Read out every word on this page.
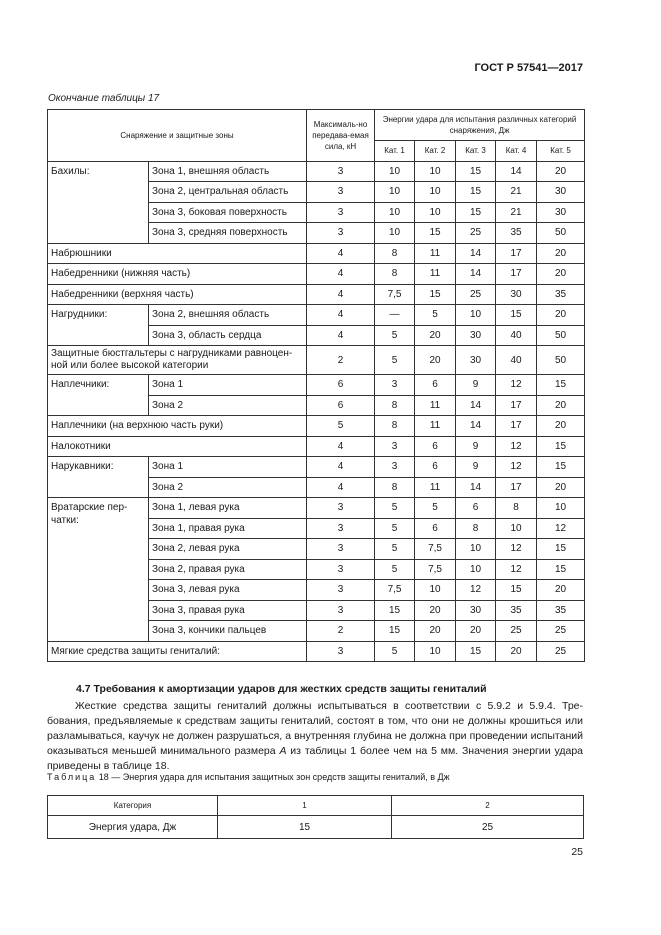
ГОСТ Р 57541—2017
Окончание таблицы 17
Снаряжение и защитные зоны		Максималь-но передава-емая сила, кН	Энергии удара для испытания различных категорий снаряжения, Дж				
			Кат. 1	Кат. 2	Кат. 3	Кат. 4	Кат. 5
Бахилы:	Зона 1, внешняя область	3	10	10	15	14	20
	Зона 2, центральная область	3	10	10	15	21	30
	Зона 3, боковая поверхность	3	10	10	15	21	30
	Зона 3, средняя поверхность	3	10	15	25	35	50
Набрюшники		4	8	11	14	17	20
Набедренники (нижняя часть)		4	8	11	14	17	20
Набедренники (верхняя часть)		4	7,5	15	25	30	35
Нагрудники:	Зона 2, внешняя область	4	—	5	10	15	20
	Зона 3, область сердца	4	5	20	30	40	50
Защитные бюстгальтеры с нагрудниками равноцен-ной или более высокой категории		2	5	20	30	40	50
Наплечники:	Зона 1	6	3	6	9	12	15
	Зона 2	6	8	11	14	17	20
Наплечники (на верхнюю часть руки)		5	8	11	14	17	20
Налокотники		4	3	6	9	12	15
Нарукавники:	Зона 1	4	3	6	9	12	15
	Зона 2	4	8	11	14	17	20
Вратарские пер-чатки:	Зона 1, левая рука	3	5	5	6	8	10
	Зона 1, правая рука	3	5	6	8	10	12
	Зона 2, левая рука	3	5	7,5	10	12	15
	Зона 2, правая рука	3	5	7,5	10	12	15
	Зона 3, левая рука	3	7,5	10	12	15	20
	Зона 3, правая рука	3	15	20	30	35	35
	Зона 3, кончики пальцев	2	15	20	20	25	25
Мягкие средства защиты гениталий:		3	5	10	15	20	25
4.7 Требования к амортизации ударов для жестких средств защиты гениталий
Жесткие средства защиты гениталий должны испытываться в соответствии с 5.9.2 и 5.9.4. Тре-бования, предъявляемые к средствам защиты гениталий, состоят в том, что они не должны крошиться или разламываться, каучук не должен разрушаться, а внутренняя глубина не должна при проведении испытаний оказываться меньшей минимального размера А из таблицы 1 более чем на 5 мм. Значения энергии удара приведены в таблице 18.
Таблица 18 — Энергия удара для испытания защитных зон средств защиты гениталий, в Дж
Категория	1	2
Энергия удара, Дж	15	25
25
